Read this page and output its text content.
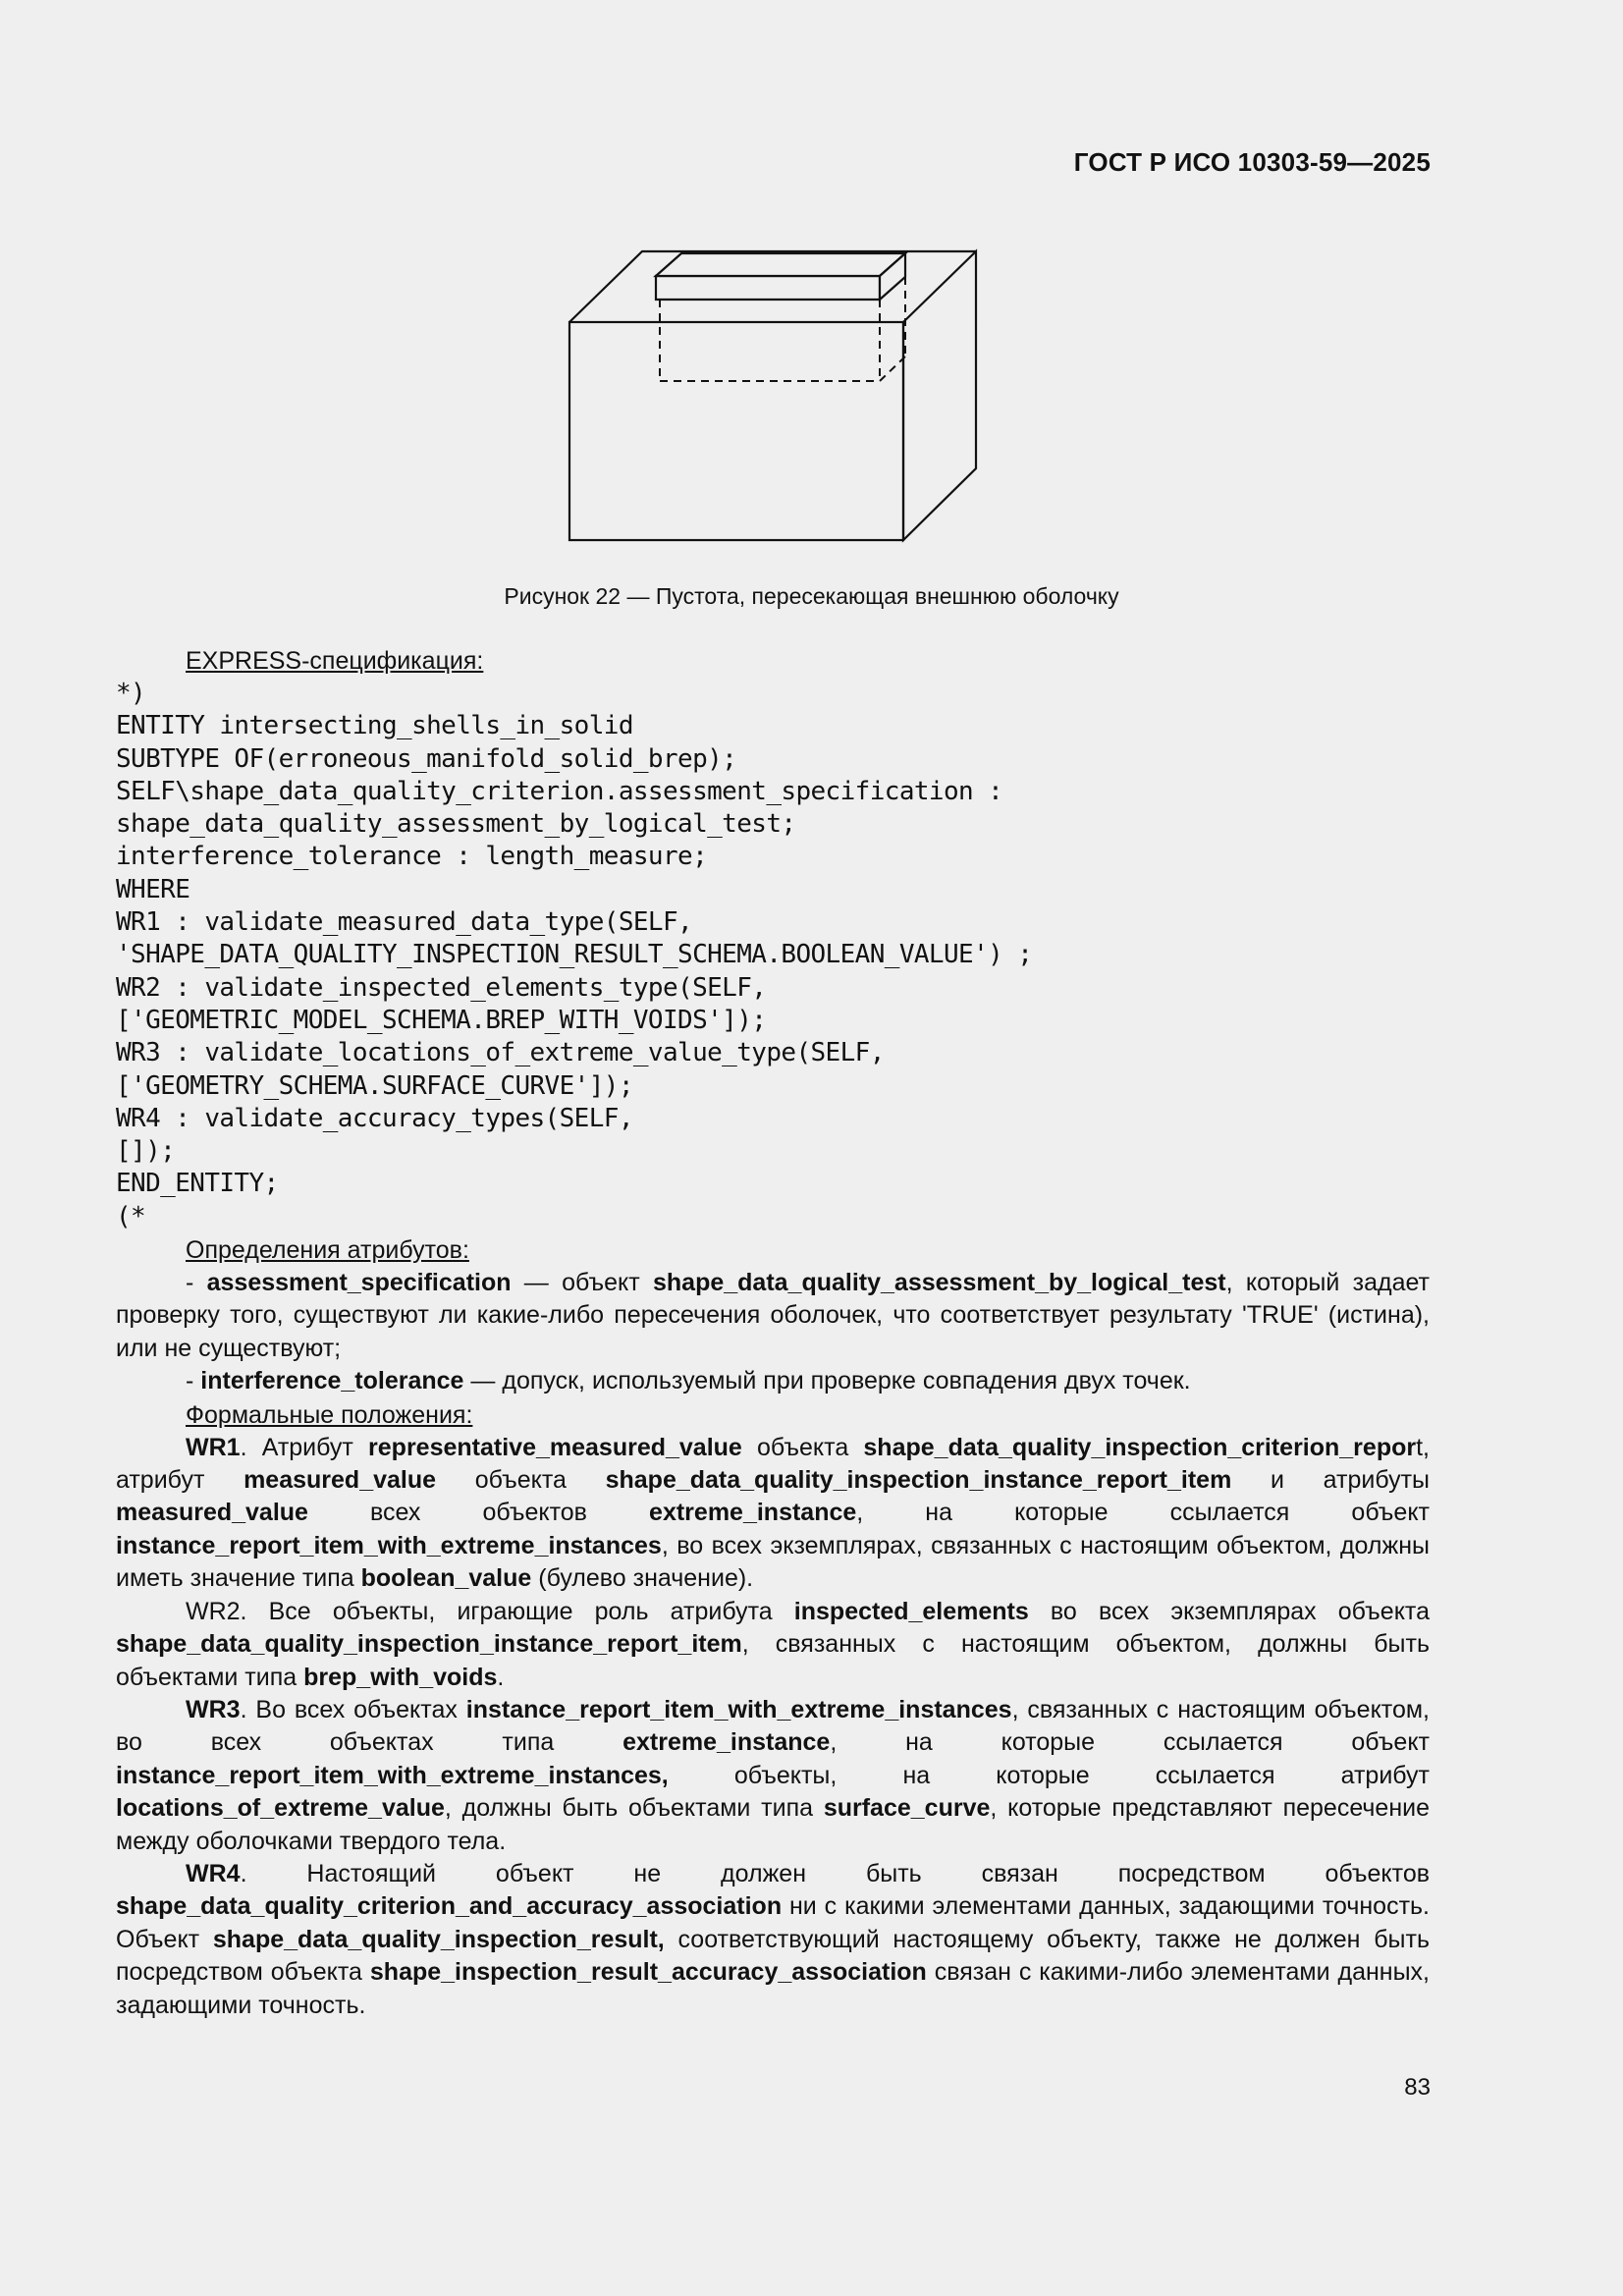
ГОСТ Р ИСО 10303-59—2025
Рисунок 22 — Пустота, пересекающая внешнюю оболочку
EXPRESS-спецификация:
*)
ENTITY intersecting_shells_in_solid
SUBTYPE OF(erroneous_manifold_solid_brep);
SELF\shape_data_quality_criterion.assessment_specification :
shape_data_quality_assessment_by_logical_test;
interference_tolerance : length_measure;
WHERE
WR1 : validate_measured_data_type(SELF,
'SHAPE_DATA_QUALITY_INSPECTION_RESULT_SCHEMA.BOOLEAN_VALUE') ;
WR2 : validate_inspected_elements_type(SELF,
['GEOMETRIC_MODEL_SCHEMA.BREP_WITH_VOIDS']);
WR3 : validate_locations_of_extreme_value_type(SELF,
['GEOMETRY_SCHEMA.SURFACE_CURVE']);
WR4 : validate_accuracy_types(SELF,
[]);
END_ENTITY;
(*
Определения атрибутов:

- assessment_specification — объект shape_data_quality_assessment_by_logical_test, который задает проверку того, существуют ли какие-либо пересечения оболочек, что соответствует результату 'TRUE' (истина), или не существуют;

- interference_tolerance — допуск, используемый при проверке совпадения двух точек.

Формальные положения:

WR1. Атрибут representative_measured_value объекта shape_data_quality_inspection_criterion_report, атрибут measured_value объекта shape_data_quality_inspection_instance_report_item и атрибуты measured_value всех объектов extreme_instance, на которые ссылается объект instance_report_item_with_extreme_instances, во всех экземплярах, связанных с настоящим объектом, должны иметь значение типа boolean_value (булево значение).

WR2. Все объекты, играющие роль атрибута inspected_elements во всех экземплярах объекта shape_data_quality_inspection_instance_report_item, связанных с настоящим объектом, должны быть объектами типа brep_with_voids.

WR3. Во всех объектах instance_report_item_with_extreme_instances, связанных с настоящим объектом, во всех объектах типа extreme_instance, на которые ссылается объект instance_report_item_with_extreme_instances, объекты, на которые ссылается атрибут locations_of_extreme_value, должны быть объектами типа surface_curve, которые представляют пересечение между оболочками твердого тела.

WR4. Настоящий объект не должен быть связан посредством объектов shape_data_quality_criterion_and_accuracy_association ни с какими элементами данных, задающими точность. Объект shape_data_quality_inspection_result, соответствующий настоящему объекту, также не должен быть посредством объекта shape_inspection_result_accuracy_association связан с какими-либо элементами данных, задающими точность.

83
